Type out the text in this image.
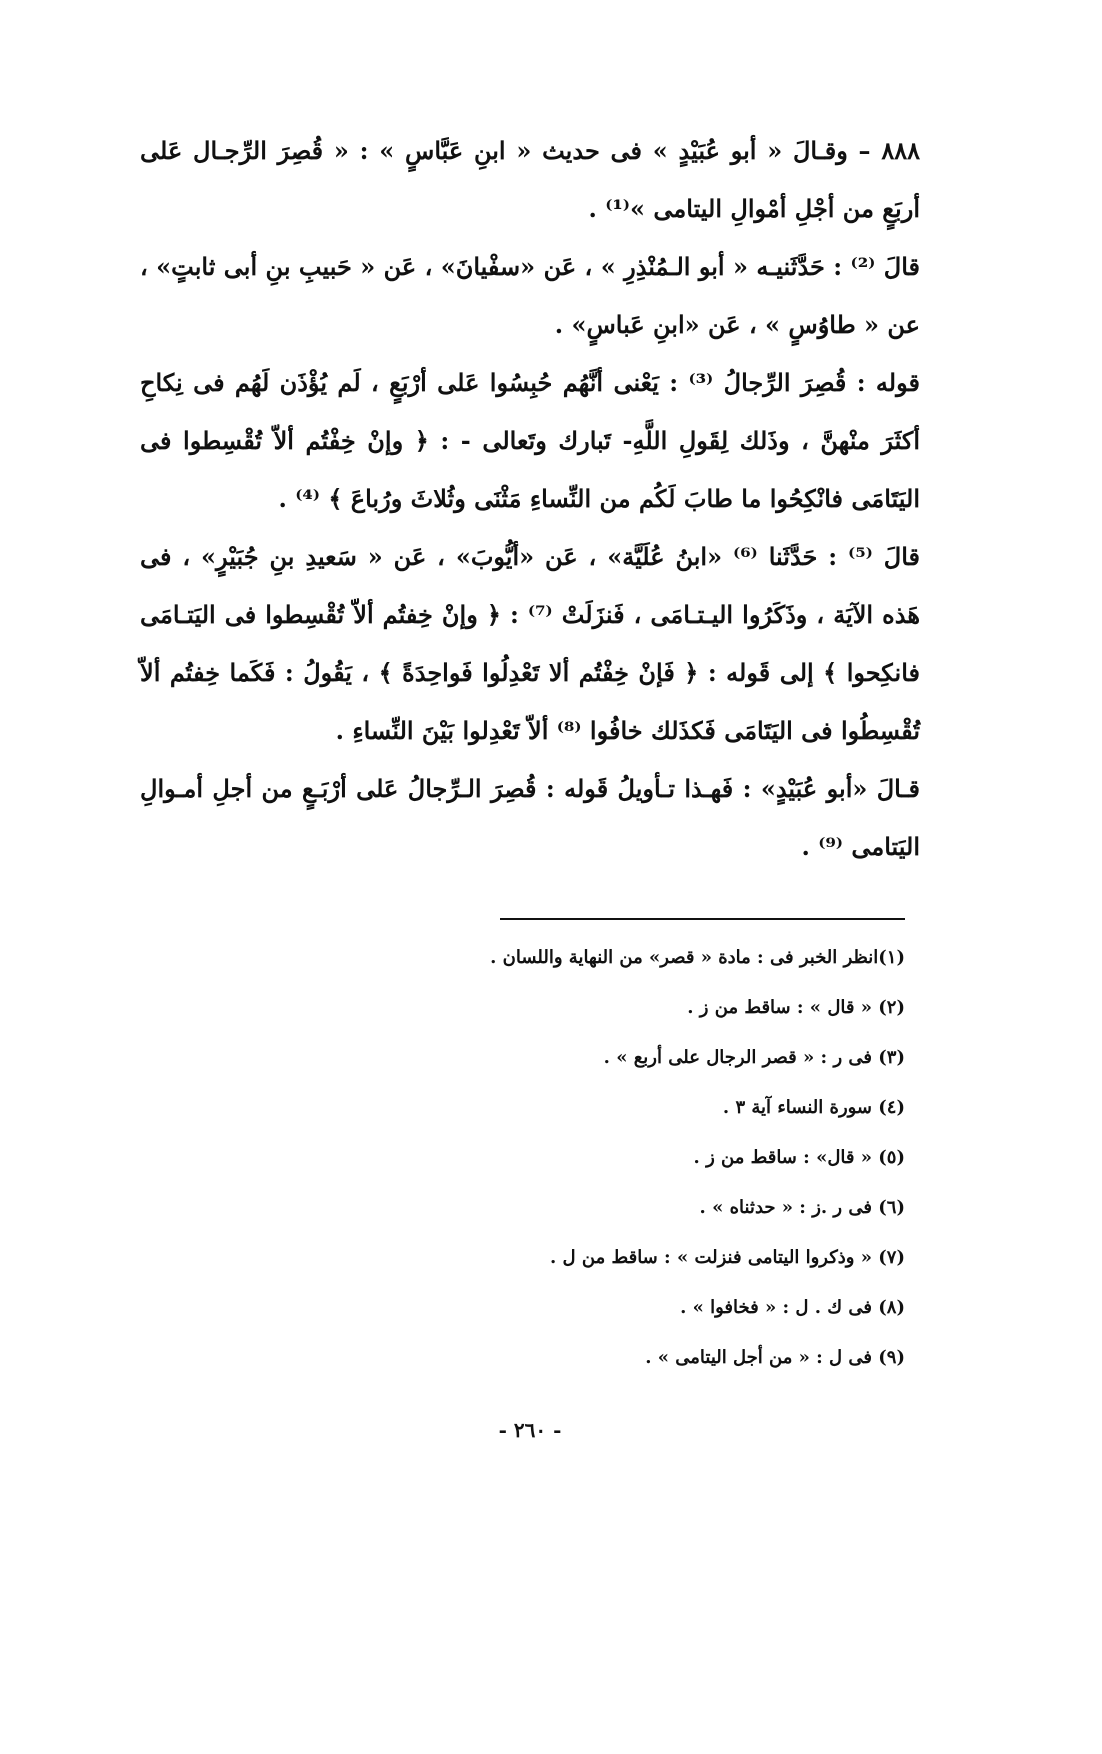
٨٨٨ – وقـالَ « أبو عُبَيْدٍ » فى حديث « ابنِ عَبَّاسٍ » : « قُصِرَ الرِّجـال عَلى أربَعٍ من أجْلِ أمْوالِ اليتامى »⁽¹⁾ .

قالَ ⁽²⁾ : حَدَّثَنيـه « أبو الـمُنْذِرِ » ، عَن «سفْيانَ» ، عَن « حَبيبِ بنِ أبى ثابتٍ» ، عن « طاوُسٍ » ، عَن «ابنِ عَباسٍ» .

قوله : قُصِرَ الرِّجالُ ⁽³⁾ : يَعْنى أنَّهُم حُبِسُوا عَلى أرْبَعٍ ، لَم يُؤْذَن لَهُم فى نِكاحِ أكثَرَ منْهنَّ ، وذَلك لِقَولِ اللَّهِ- تَبارك وتَعالى - : ﴿ وإنْ خِفْتُم ألاّ تُقْسِطوا فى اليَتَامَى فانْكِحُوا ما طابَ لَكُم من النِّساءِ مَثْنَى وثُلاثَ ورُباعَ ﴾ ⁽⁴⁾ .

قالَ ⁽⁵⁾ : حَدَّثَنا ⁽⁶⁾ «ابنُ عُلَيَّة» ، عَن «أيُّوبَ» ، عَن « سَعيدِ بنِ جُبَيْرٍ» ، فى هَذه الآيَة ، وذَكَرُوا اليـتـامَى ، فَنزَلَتْ ⁽⁷⁾ : ﴿ وإنْ خِفتُم ألاّ تُقْسِطوا فى اليَتـامَى فانكِحوا ﴾ إلى قَوله : ﴿ فَإنْ خِفْتُم ألا تَعْدِلُوا فَواحِدَةً ﴾ ، يَقُولُ : فَكَما خِفتُم ألاّ تُقْسِطُوا فى اليَتَامَى فَكذَلك خافُوا ⁽⁸⁾ ألاّ تَعْدِلوا بَيْنَ النِّساءِ .

قـالَ «أبو عُبَيْدٍ» : فَهـذا تـأويلُ قَوله : قُصِرَ الـرِّجالُ عَلى أرْبَـعٍ من أجلِ أمـوالِ اليَتامى ⁽⁹⁾ .

(١)انظر الخبر فى : مادة « قصر» من النهاية واللسان .
(٢) « قال » : ساقط من ز .
(٣) فى ر : « قصر الرجال على أربع » .
(٤) سورة النساء آية ٣ .
(٥) « قال» : ساقط من ز .
(٦) فى ر .ز : « حدثناه » .
(٧) « وذكروا اليتامى فنزلت » : ساقط من ل .
(٨) فى ك . ل : « فخافوا » .
(٩) فى ل : « من أجل اليتامى » .
- ٢٦٠ -
